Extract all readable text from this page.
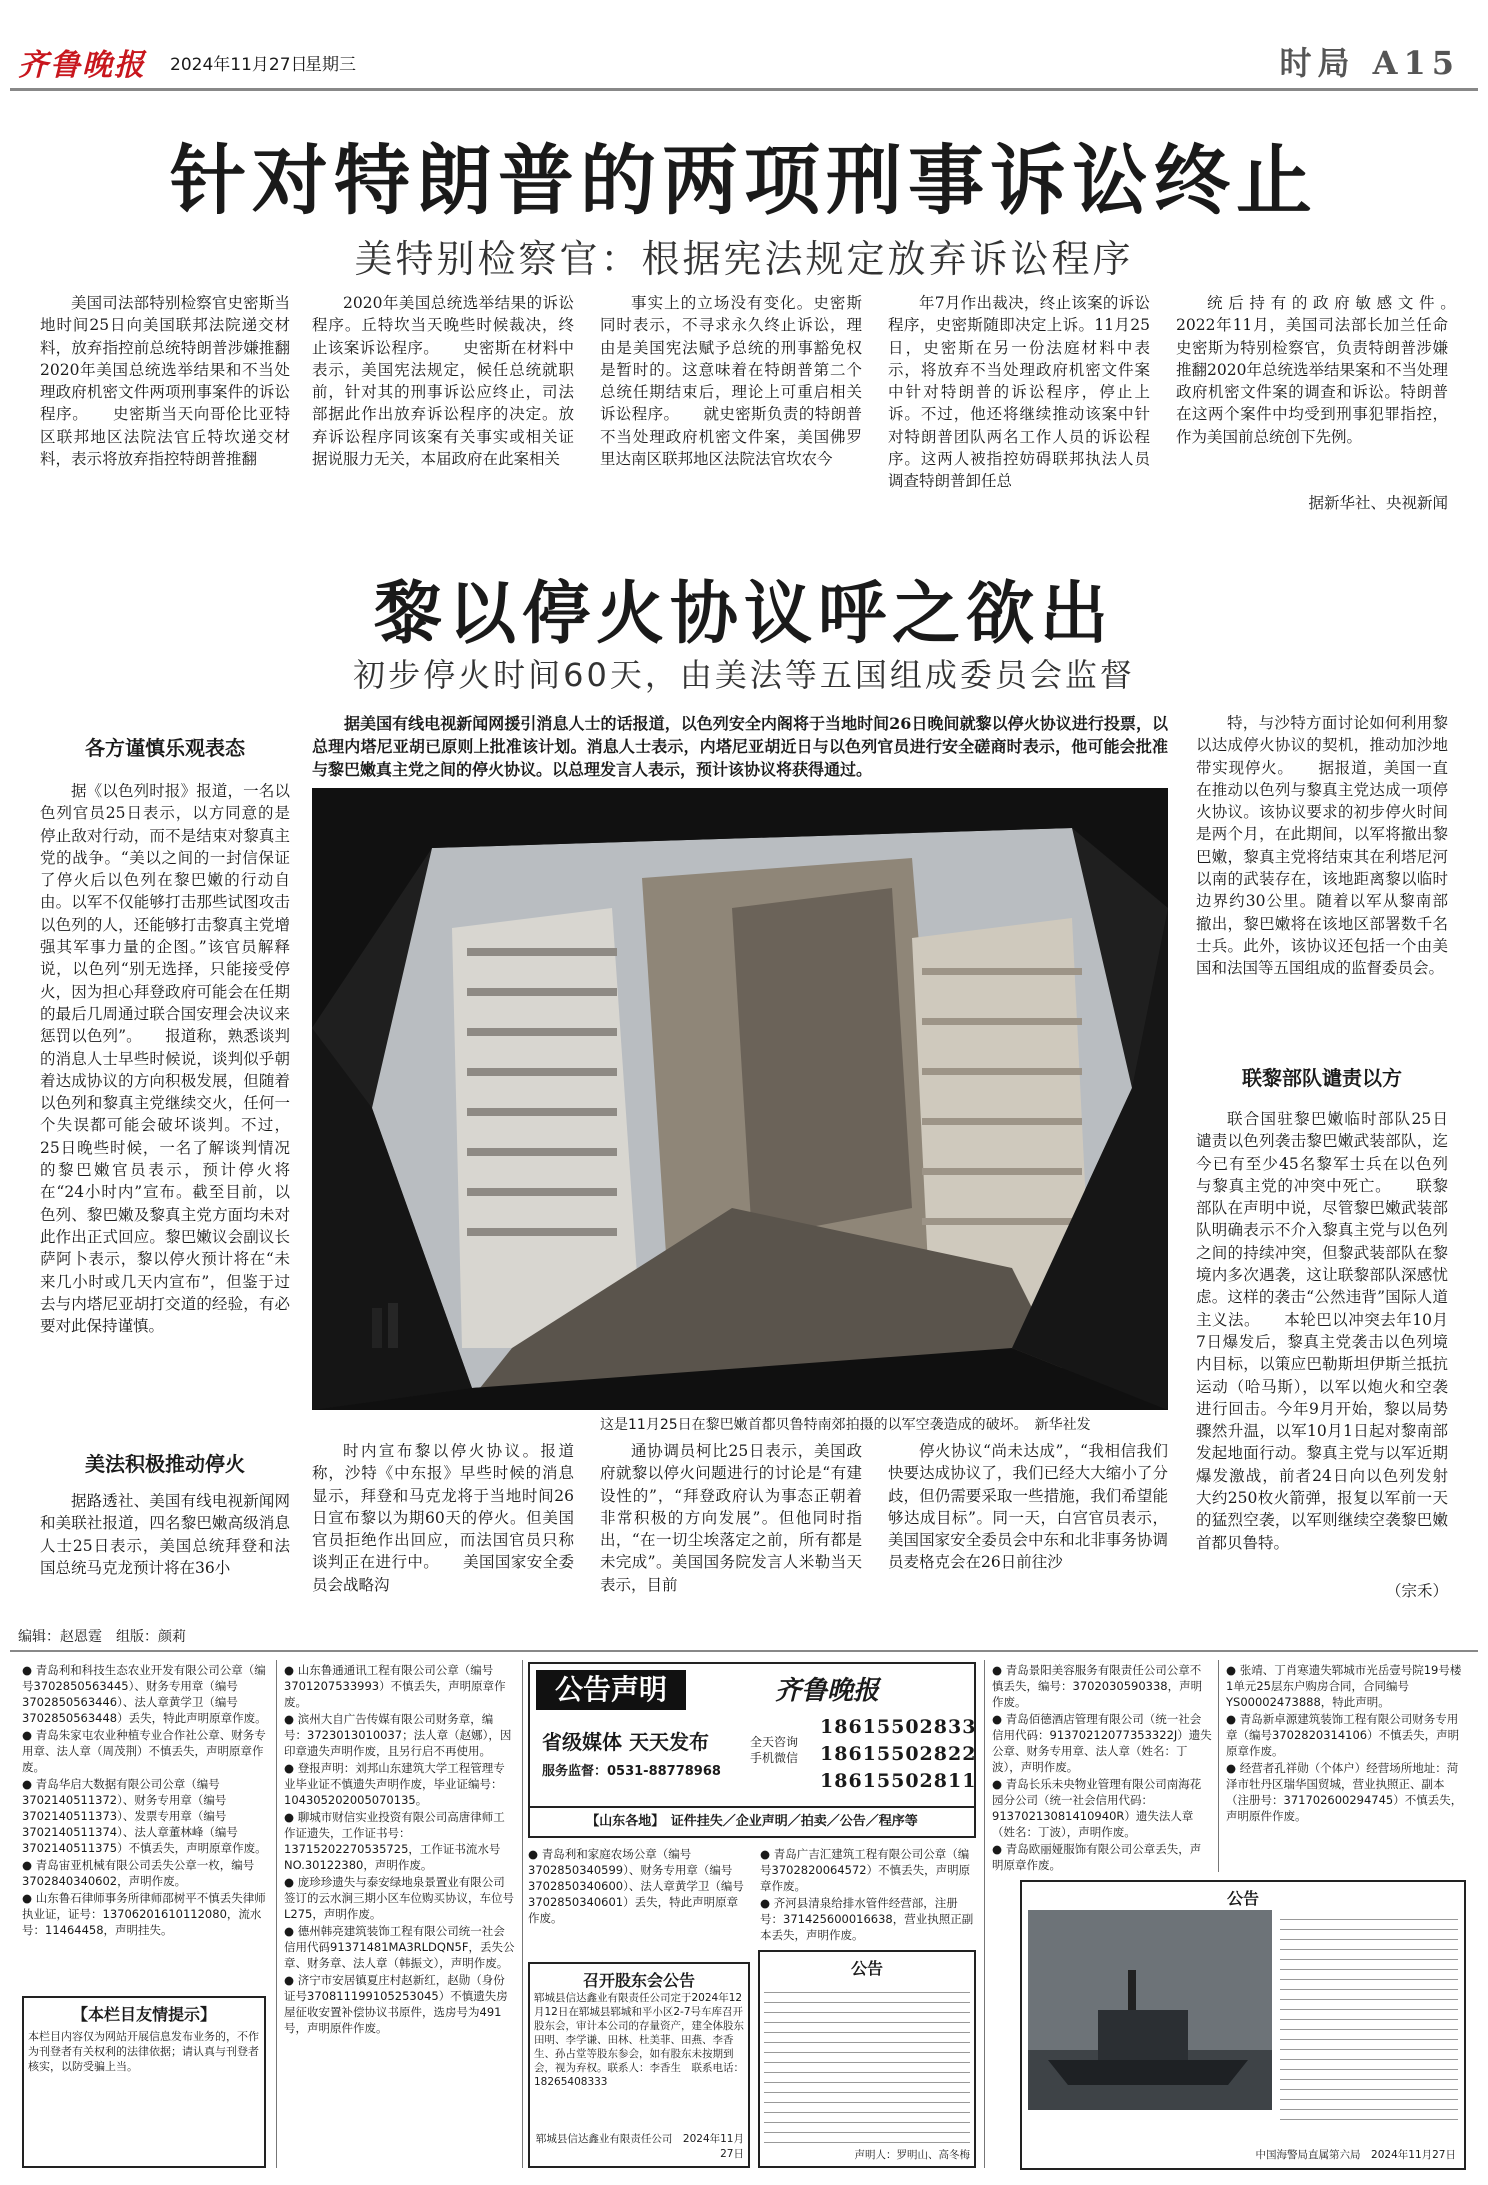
齐鲁晚报 2024年11月27日
星期三	时局 A15
针对特朗普的两项刑事诉讼终止
美特别检察官：根据宪法规定放弃诉讼程序

美国司法部特别检察官史密斯当地时间25日向美国联邦法院递交材料，放弃指控前总统特朗普涉嫌推翻2020年美国总统选举结果和不当处理政府机密文件两项刑事案件的诉讼程序。　　史密斯当天向哥伦比亚特区联邦地区法院法官丘特坎递交材料，表示将放弃指控特朗普推翻

2020年美国总统选举结果的诉讼程序。丘特坎当天晚些时候裁决，终止该案诉讼程序。　　史密斯在材料中表示，美国宪法规定，候任总统就职前，针对其的刑事诉讼应终止，司法部据此作出放弃诉讼程序的决定。放弃诉讼程序同该案有关事实或相关证据说服力无关，本届政府在此案相关

事实上的立场没有变化。史密斯同时表示，不寻求永久终止诉讼，理由是美国宪法赋予总统的刑事豁免权是暂时的。这意味着在特朗普第二个总统任期结束后，理论上可重启相关诉讼程序。　　就史密斯负责的特朗普不当处理政府机密文件案，美国佛罗里达南区联邦地区法院法官坎农今

年7月作出裁决，终止该案的诉讼程序，史密斯随即决定上诉。11月25日，史密斯在另一份法庭材料中表示，将放弃不当处理政府机密文件案中针对特朗普的诉讼程序，停止上诉。不过，他还将继续推动该案中针对特朗普团队两名工作人员的诉讼程序。这两人被指控妨碍联邦执法人员调查特朗普卸任总

统后持有的政府敏感文件。　　2022年11月，美国司法部长加兰任命史密斯为特别检察官，负责特朗普涉嫌推翻2020年总统选举结果案和不当处理政府机密文件案的调查和诉讼。特朗普在这两个案件中均受到刑事犯罪指控，作为美国前总统创下先例。

据新华社、央视新闻

黎以停火协议呼之欲出
初步停火时间60天，由美法等五国组成委员会监督
各方谨慎乐观表态

据《以色列时报》报道，一名以色列官员25日表示，以方同意的是停止敌对行动，而不是结束对黎真主党的战争。“美以之间的一封信保证了停火后以色列在黎巴嫩的行动自由。以军不仅能够打击那些试图攻击以色列的人，还能够打击黎真主党增强其军事力量的企图。”该官员解释说，以色列“别无选择，只能接受停火，因为担心拜登政府可能会在任期的最后几周通过联合国安理会决议来惩罚以色列”。　　报道称，熟悉谈判的消息人士早些时候说，谈判似乎朝着达成协议的方向积极发展，但随着以色列和黎真主党继续交火，任何一个失误都可能会破坏谈判。不过，25日晚些时候，一名了解谈判情况的黎巴嫩官员表示，预计停火将在“24小时内”宣布。截至目前，以色列、黎巴嫩及黎真主党方面均未对此作出正式回应。黎巴嫩议会副议长萨阿卜表示，黎以停火预计将在“未来几小时或几天内宣布”，但鉴于过去与内塔尼亚胡打交道的经验，有必要对此保持谨慎。

美法积极推动停火

据路透社、美国有线电视新闻网和美联社报道，四名黎巴嫩高级消息人士25日表示，美国总统拜登和法国总统马克龙预计将在36小

据美国有线电视新闻网援引消息人士的话报道，以色列安全内阁将于当地时间26日晚间就黎以停火协议进行投票，以总理内塔尼亚胡已原则上批准该计划。消息人士表示，内塔尼亚胡近日与以色列官员进行安全磋商时表示，他可能会批准与黎巴嫩真主党之间的停火协议。以总理发言人表示，预计该协议将获得通过。
这是11月25日在黎巴嫩首都贝鲁特南郊拍摄的以军空袭造成的破坏。　新华社发

时内宣布黎以停火协议。报道称，沙特《中东报》早些时候的消息显示，拜登和马克龙将于当地时间26日宣布黎以为期60天的停火。但美国官员拒绝作出回应，而法国官员只称谈判正在进行中。　　美国国家安全委员会战略沟

通协调员柯比25日表示，美国政府就黎以停火问题进行的讨论是“有建设性的”，“拜登政府认为事态正朝着非常积极的方向发展”。但他同时指出，“在一切尘埃落定之前，所有都是未完成”。美国国务院发言人米勒当天表示，目前

停火协议“尚未达成”，“我相信我们快要达成协议了，我们已经大大缩小了分歧，但仍需要采取一些措施，我们希望能够达成目标”。同一天，白宫官员表示，美国国家安全委员会中东和北非事务协调员麦格克会在26日前往沙

特，与沙特方面讨论如何利用黎以达成停火协议的契机，推动加沙地带实现停火。　　据报道，美国一直在推动以色列与黎真主党达成一项停火协议。该协议要求的初步停火时间是两个月，在此期间，以军将撤出黎巴嫩，黎真主党将结束其在利塔尼河以南的武装存在，该地距离黎以临时边界约30公里。随着以军从黎南部撤出，黎巴嫩将在该地区部署数千名士兵。此外，该协议还包括一个由美国和法国等五国组成的监督委员会。

联黎部队谴责以方

联合国驻黎巴嫩临时部队25日谴责以色列袭击黎巴嫩武装部队，迄今已有至少45名黎军士兵在以色列与黎真主党的冲突中死亡。　　联黎部队在声明中说，尽管黎巴嫩武装部队明确表示不介入黎真主党与以色列之间的持续冲突，但黎武装部队在黎境内多次遇袭，这让联黎部队深感忧虑。这样的袭击“公然违背”国际人道主义法。　　本轮巴以冲突去年10月7日爆发后，黎真主党袭击以色列境内目标，以策应巴勒斯坦伊斯兰抵抗运动（哈马斯），以军以炮火和空袭进行回击。今年9月开始，黎以局势骤然升温，以军10月1日起对黎南部发起地面行动。黎真主党与以军近期爆发激战，前者24日向以色列发射大约250枚火箭弹，报复以军前一天的猛烈空袭，以军则继续空袭黎巴嫩首都贝鲁特。

（宗禾）

编辑：赵恩霆　组版：颜莉

● 青岛利和科技生态农业开发有限公司公章（编号3702850563445）、财务专用章（编号3702850563446）、法人章黄学卫（编号3702850563448）丢失，特此声明原章作废。

● 青岛朱家屯农业种植专业合作社公章、财务专用章、法人章（周茂荆）不慎丢失，声明原章作废。

● 青岛华启大数据有限公司公章（编号3702140511372）、财务专用章（编号3702140511373）、发票专用章（编号3702140511374）、法人章董林峰（编号3702140511375）不慎丢失，声明原章作废。

● 青岛宙亚机械有限公司丢失公章一枚，编号3702840340602，声明作废。

● 山东鲁石律师事务所律师邵树平不慎丢失律师执业证，证号：13706201610112080，流水号：11464458，声明挂失。

【本栏目友情提示】
本栏目内容仅为网站开展信息发布业务的，不作为刊登者有关权利的法律依据；请认真与刊登者核实，以防受骗上当。

● 山东鲁通通讯工程有限公司公章（编号3701207533993）不慎丢失，声明原章作废。

● 滨州大自广告传媒有限公司财务章，编号：3723013010037；法人章（赵娜），因印章遗失声明作废，且另行启不再使用。

● 登报声明：刘邦山东建筑大学工程管理专业毕业证不慎遗失声明作废，毕业证编号：104305202005070135。

● 聊城市财信实业投资有限公司高唐律师工作证遗失，工作证书号：13715202270535725，工作证书流水号NO.30122380，声明作废。

● 庞珍珍遗失与泰安绿地泉景置业有限公司签订的云水涧三期小区车位购买协议，车位号L275，声明作废。

● 德州韩亮建筑装饰工程有限公司统一社会信用代码91371481MA3RLDQN5F，丢失公章、财务章、法人章（韩振文），声明作废。

● 济宁市安居镇夏庄村赵新红，赵勋（身份证号370811199105253045）不慎遗失房屋征收安置补偿协议书原件，选房号为491号，声明原件作废。

公告声明	齐鲁晚报
省级媒体 天天发布	全天咨询 手机微信
18615502833
18615502822
18615502811
服务监督：0531-88778968
【山东各地】　证件挂失／企业声明／拍卖／公告／程序等

● 青岛利和家庭农场公章（编号3702850340599）、财务专用章（编号3702850340600）、法人章黄学卫（编号3702850340601）丢失，特此声明原章作废。

● 青岛广吉汇建筑工程有限公司公章（编号3702820064572）不慎丢失，声明原章作废。

● 齐河县清泉给排水管件经营部，注册号：371425600016638，营业执照正副本丢失，声明作废。

召开股东会公告
郓城县信达鑫业有限责任公司定于2024年12月12日在郓城县郓城和平小区2-7号车库召开股东会，审计本公司的存量资产，建全体股东田明、李学谦、田林、杜美菲、田燕、李香生、孙占堂等股东参会，如有股东未按期到会，视为弃权。联系人：李香生　联系电话：18265408333
郓城县信达鑫业有限责任公司　2024年11月27日
公告
声明人：罗明山、高冬梅

● 青岛景阳美容服务有限责任公司公章不慎丢失，编号：3702030590338，声明作废。

● 青岛佰德酒店管理有限公司（统一社会信用代码：91370212077353322J）遗失公章、财务专用章、法人章（姓名：丁波），声明作废。

● 青岛长乐未央物业管理有限公司南海花园分公司（统一社会信用代码：91370213081410940R）遗失法人章（姓名：丁波），声明作废。

● 青岛欧丽娅服饰有限公司公章丢失，声明原章作废。

● 张靖、丁肖寒遗失郓城市光岳壹号院19号楼1单元25层东户购房合同，合同编号YS00002473888，特此声明。

● 青岛新卓源建筑装饰工程有限公司财务专用章（编号3702820314106）不慎丢失，声明原章作废。

● 经营者孔祥勋（个体户）经营场所地址：菏泽市牡丹区瑞华国贸城，营业执照正、副本（注册号：371702600294745）不慎丢失，声明原件作废。

公告
中国海警局直属第六局　2024年11月27日
